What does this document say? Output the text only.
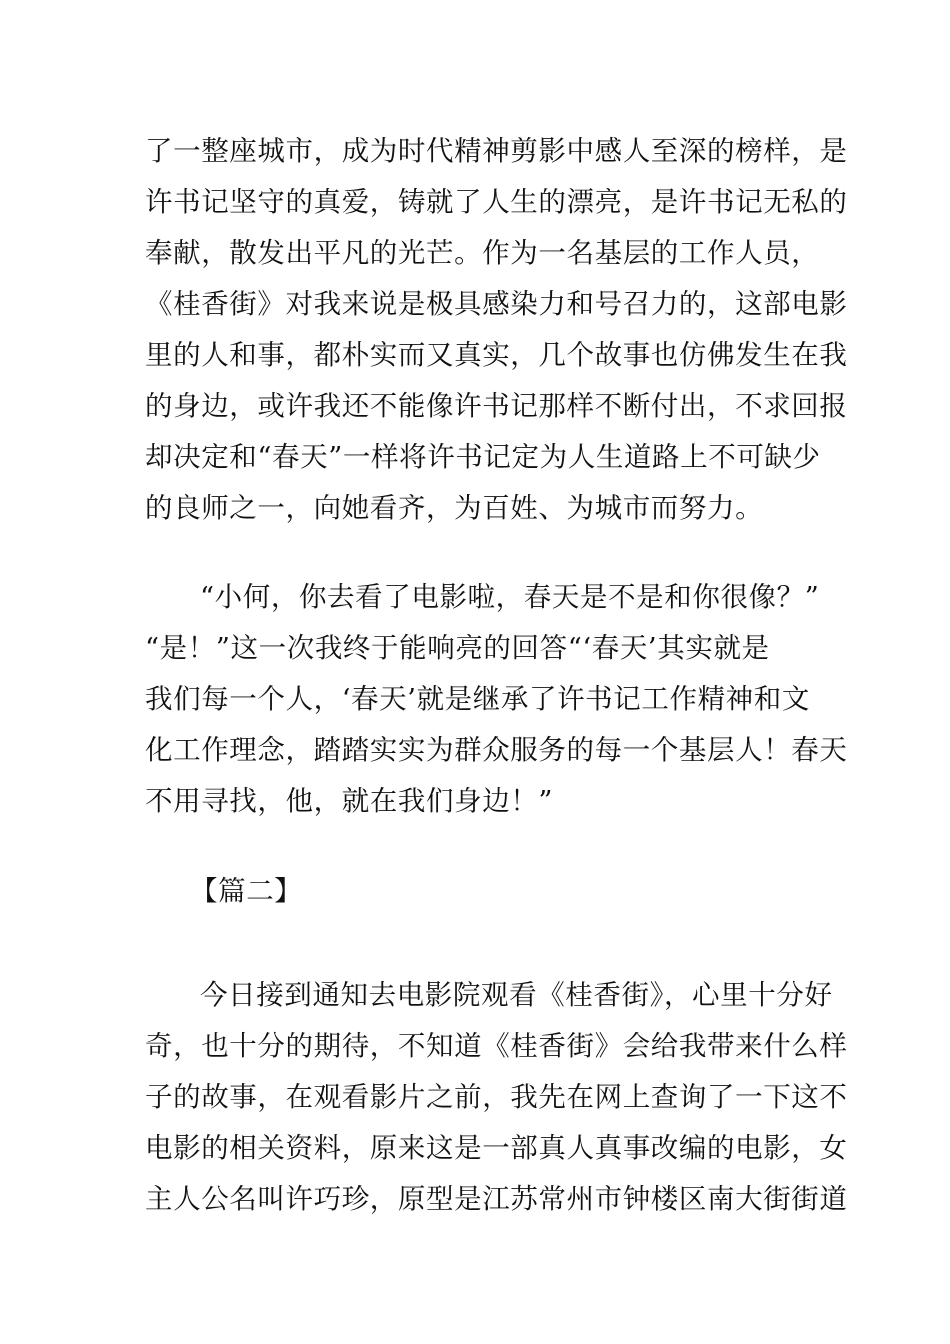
了一整座城市，成为时代精神剪影中感人至深的榜样，是
许书记坚守的真爱，铸就了人生的漂亮，是许书记无私的
奉献，散发出平凡的光芒。作为一名基层的工作人员，
《桂香街》对我来说是极具感染力和号召力的，这部电影
里的人和事，都朴实而又真实，几个故事也仿佛发生在我
的身边，或许我还不能像许书记那样不断付出，不求回报
却决定和“春天”一样将许书记定为人生道路上不可缺少
的良师之一，向她看齐，为百姓、为城市而努力。
“小何，你去看了电影啦，春天是不是和你很像？”
“是！”这一次我终于能响亮的回答“‘春天’其实就是
我们每一个人，‘春天’就是继承了许书记工作精神和文
化工作理念，踏踏实实为群众服务的每一个基层人！春天
不用寻找，他，就在我们身边！”
【篇二】
今日接到通知去电影院观看《桂香街》，心里十分好
奇，也十分的期待，不知道《桂香街》会给我带来什么样
子的故事，在观看影片之前，我先在网上查询了一下这不
电影的相关资料，原来这是一部真人真事改编的电影，女
主人公名叫许巧珍，原型是江苏常州市钟楼区南大街街道
